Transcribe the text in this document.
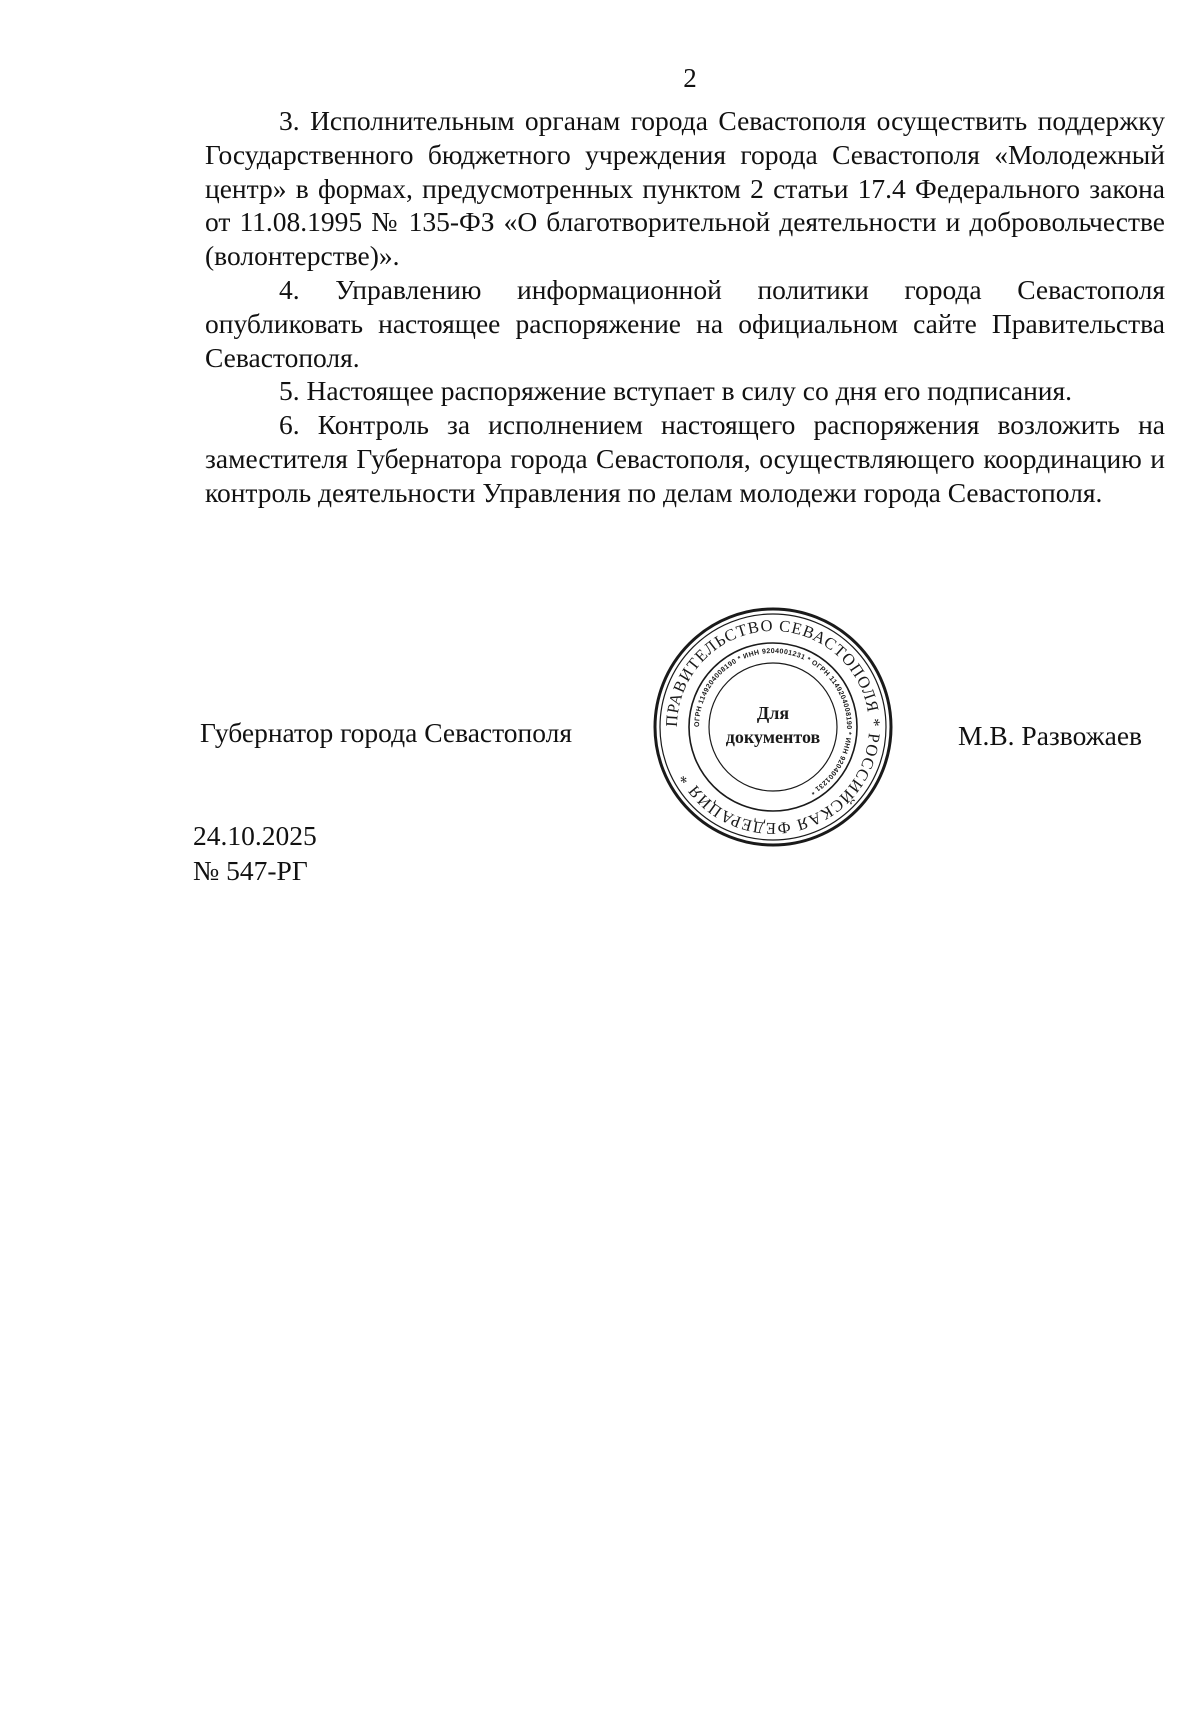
2

3. Исполнительным органам города Севастополя осуществить поддержку Государственного бюджетного учреждения города Севастополя «Молодежный центр» в формах, предусмотренных пунктом 2 статьи 17.4 Федерального закона от 11.08.1995 № 135-ФЗ «О благотворительной деятельности и добровольчестве (волонтерстве)».

4. Управлению информационной политики города Севастополя опубликовать настоящее распоряжение на официальном сайте Правительства Севастополя.

5. Настоящее распоряжение вступает в силу со дня его подписания.

6. Контроль за исполнением настоящего распоряжения возложить на заместителя Губернатора города Севастополя, осуществляющего координацию и контроль деятельности Управления по делам молодежи города Севастополя.

Губернатор города Севастополя	ПРАВИТЕЛЬСТВО СЕВАСТОПОЛЯ * РОССИЙСКАЯ ФЕДЕРАЦИЯ *
ОГРН 1149204008190 * ИНН 9204001231 * ОГРН 1149204008190 * ИНН 9204001231 *
Для
документов	М.В. Развожаев
24.10.2025
№ 547-РГ
